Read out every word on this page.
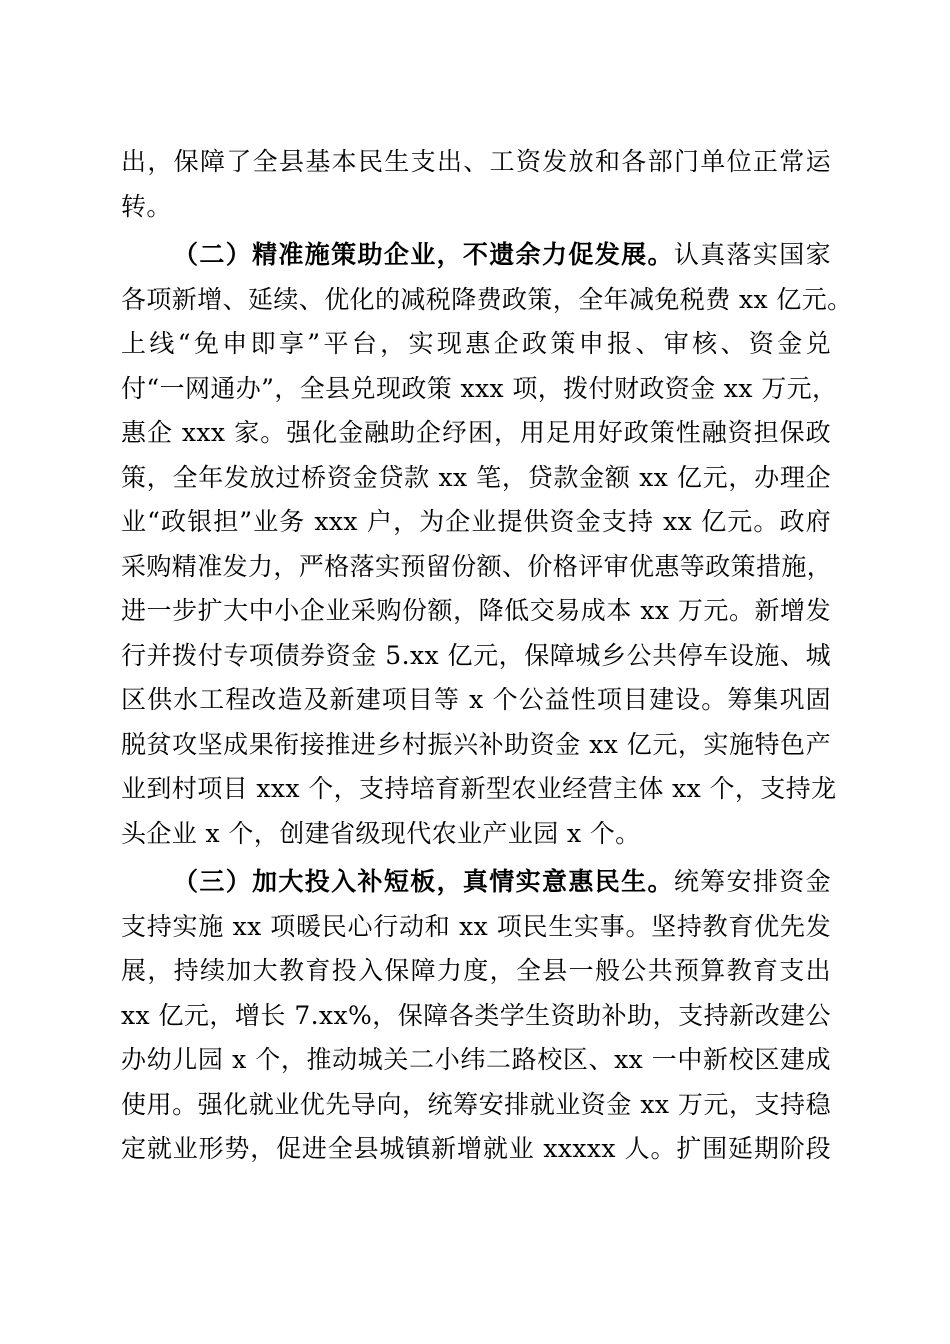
出，保障了全县基本民生支出、工资发放和各部门单位正常运
转。
（二）精准施策助企业，不遗余力促发展。认真落实国家
各项新增、延续、优化的减税降费政策，全年减免税费 xx 亿元。
上线“免申即享”平台，实现惠企政策申报、审核、资金兑
付“一网通办”，全县兑现政策 xxx 项，拨付财政资金 xx 万元，
惠企 xxx 家。强化金融助企纾困，用足用好政策性融资担保政
策，全年发放过桥资金贷款 xx 笔，贷款金额 xx 亿元，办理企
业“政银担”业务 xxx 户，为企业提供资金支持 xx 亿元。政府
采购精准发力，严格落实预留份额、价格评审优惠等政策措施，
进一步扩大中小企业采购份额，降低交易成本 xx 万元。新增发
行并拨付专项债券资金 5.xx 亿元，保障城乡公共停车设施、城
区供水工程改造及新建项目等 x 个公益性项目建设。筹集巩固
脱贫攻坚成果衔接推进乡村振兴补助资金 xx 亿元，实施特色产
业到村项目 xxx 个，支持培育新型农业经营主体 xx 个，支持龙
头企业 x 个，创建省级现代农业产业园 x 个。
（三）加大投入补短板，真情实意惠民生。统筹安排资金
支持实施 xx 项暖民心行动和 xx 项民生实事。坚持教育优先发
展，持续加大教育投入保障力度，全县一般公共预算教育支出
xx 亿元，增长 7.xx%，保障各类学生资助补助，支持新改建公
办幼儿园 x 个，推动城关二小纬二路校区、xx 一中新校区建成
使用。强化就业优先导向，统筹安排就业资金 xx 万元，支持稳
定就业形势，促进全县城镇新增就业 xxxxx 人。扩围延期阶段
